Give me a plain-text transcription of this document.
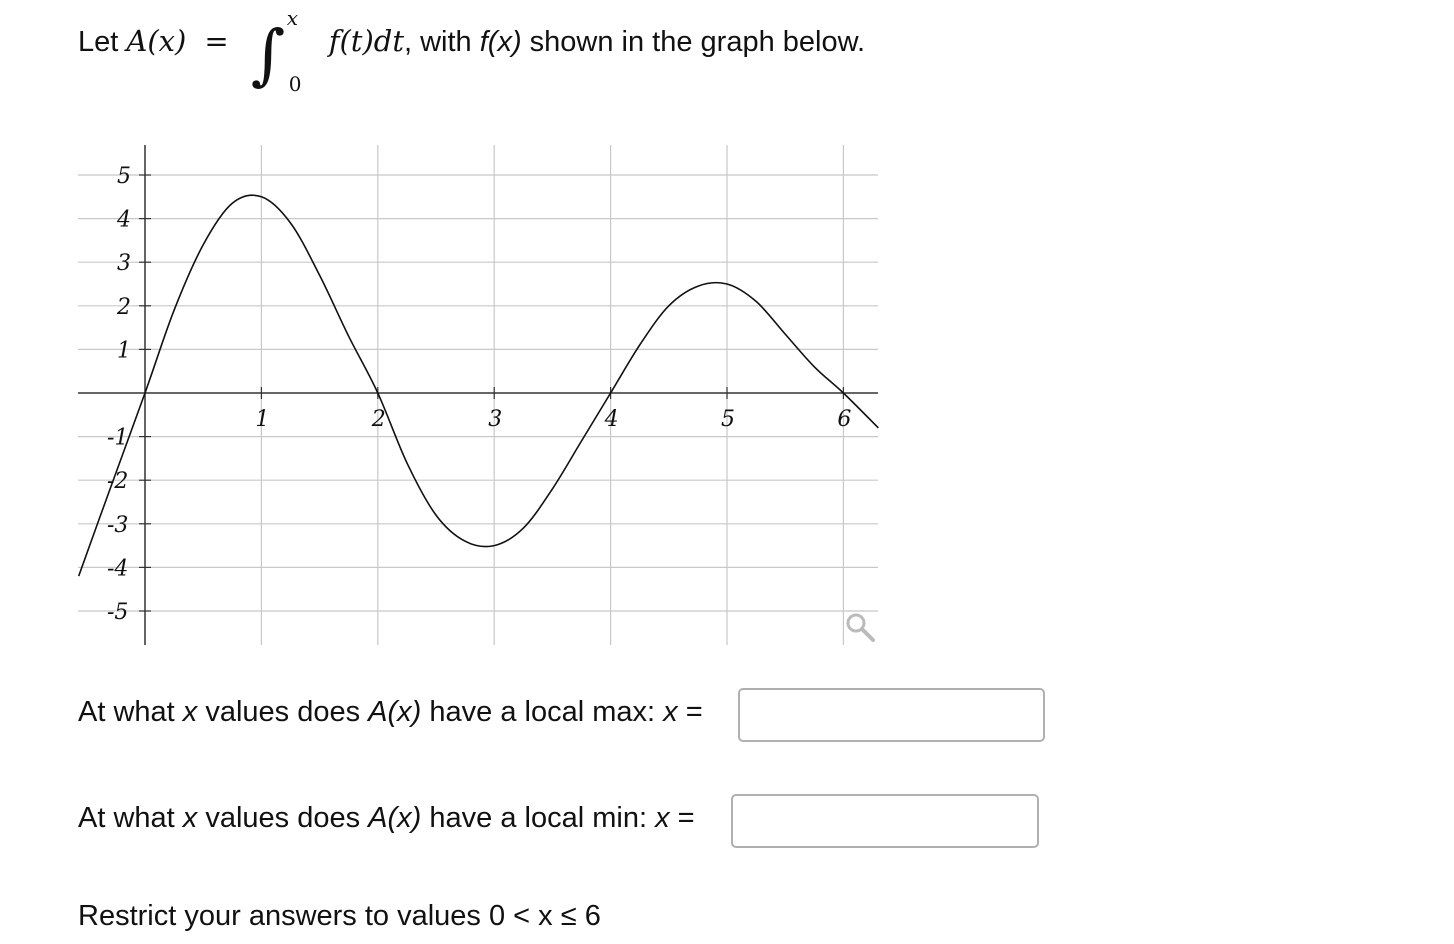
Let A(x) = ∫ x
0
f(t)dt, with f(x) shown in the graph below.
1	2	3	4	5	6
5
4
3
2
1
-1
-2
-3
-4
-5
At what x values does A(x) have a local max: x =
At what x values does A(x) have a local min: x =
Restrict your answers to values 0 < x ≤ 6
